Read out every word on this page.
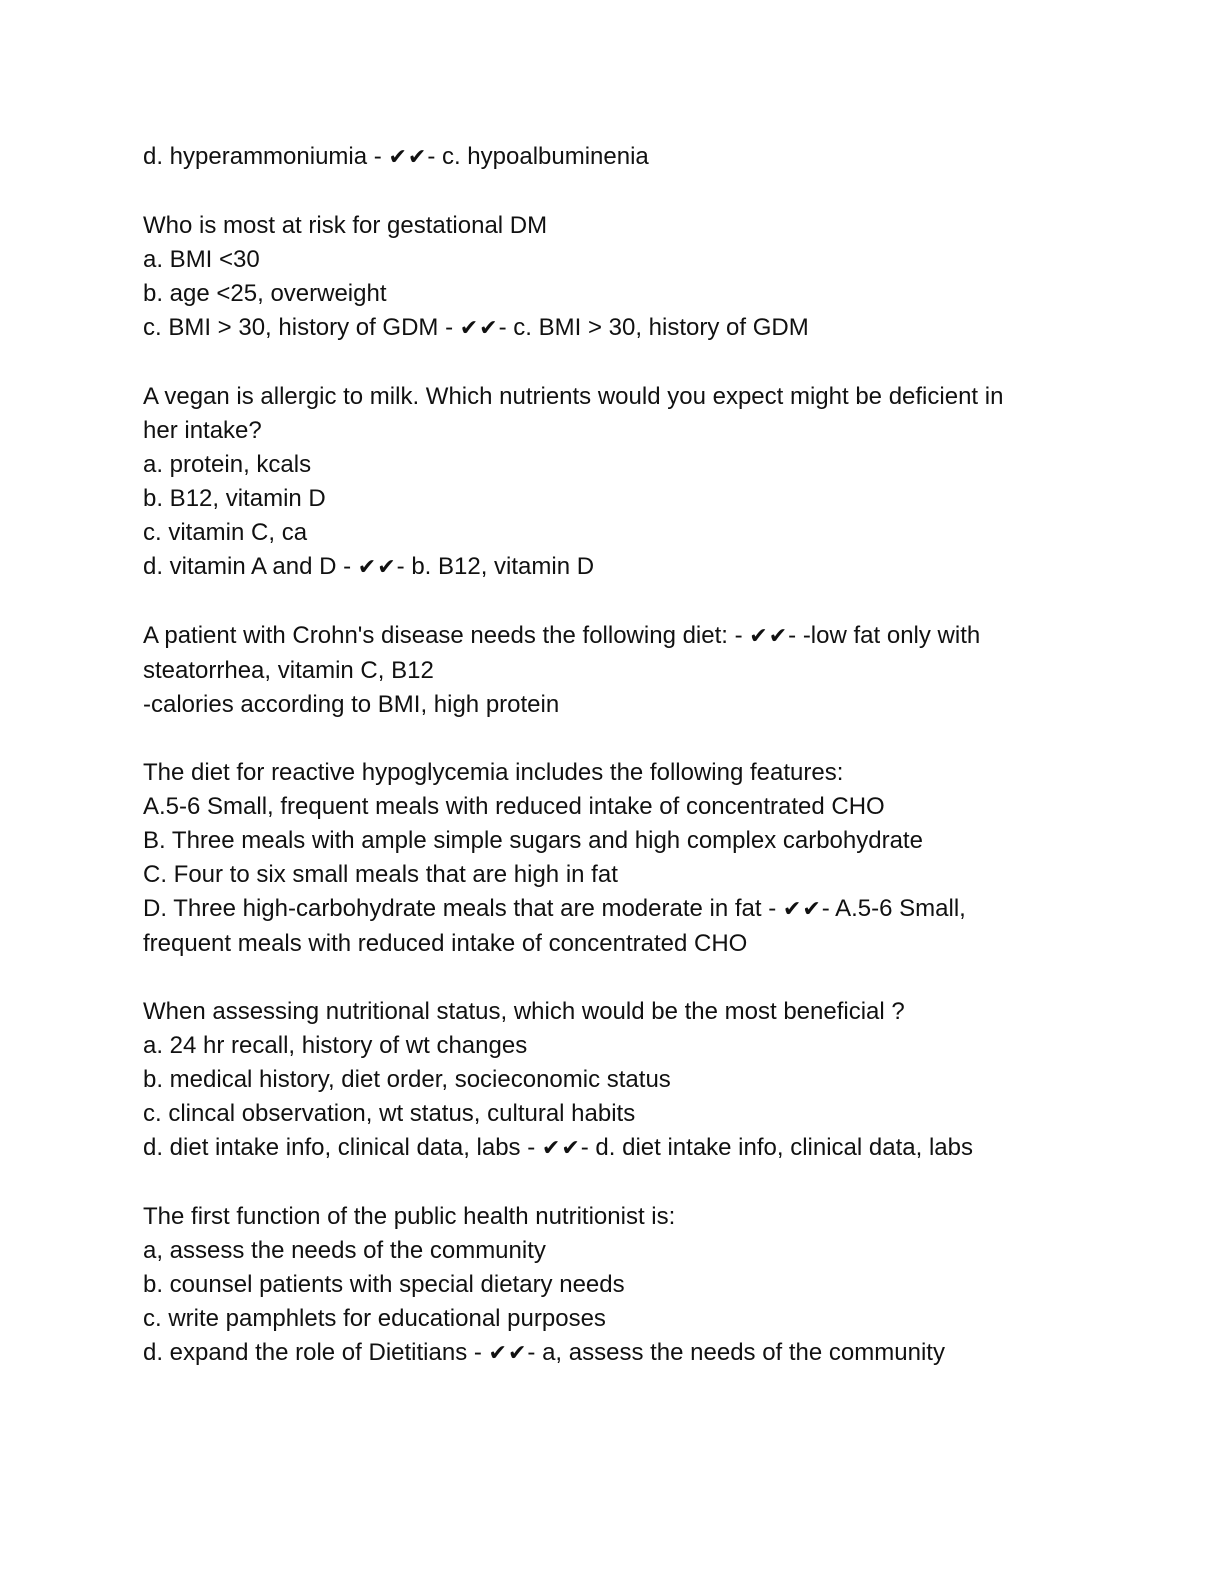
d. hyperammoniumia - ✔✔- c. hypoalbuminenia
Who is most at risk for gestational DM
a. BMI <30
b. age <25, overweight
c. BMI > 30, history of GDM - ✔✔- c. BMI > 30, history of GDM
A vegan is allergic to milk. Which nutrients would you expect might be deficient in
her intake?
a. protein, kcals
b. B12, vitamin D
c. vitamin C, ca
d. vitamin A and D - ✔✔- b. B12, vitamin D
A patient with Crohn's disease needs the following diet: - ✔✔- -low fat only with
steatorrhea, vitamin C, B12
-calories according to BMI, high protein
The diet for reactive hypoglycemia includes the following features:
A.5-6 Small, frequent meals with reduced intake of concentrated CHO
B. Three meals with ample simple sugars and high complex carbohydrate
C. Four to six small meals that are high in fat
D. Three high-carbohydrate meals that are moderate in fat - ✔✔- A.5-6 Small,
frequent meals with reduced intake of concentrated CHO
When assessing nutritional status, which would be the most beneficial ?
a. 24 hr recall, history of wt changes
b. medical history, diet order, socieconomic status
c. clincal observation, wt status, cultural habits
d. diet intake info, clinical data, labs - ✔✔- d. diet intake info, clinical data, labs
The first function of the public health nutritionist is:
a, assess the needs of the community
b. counsel patients with special dietary needs
c. write pamphlets for educational purposes
d. expand the role of Dietitians - ✔✔- a, assess the needs of the community
